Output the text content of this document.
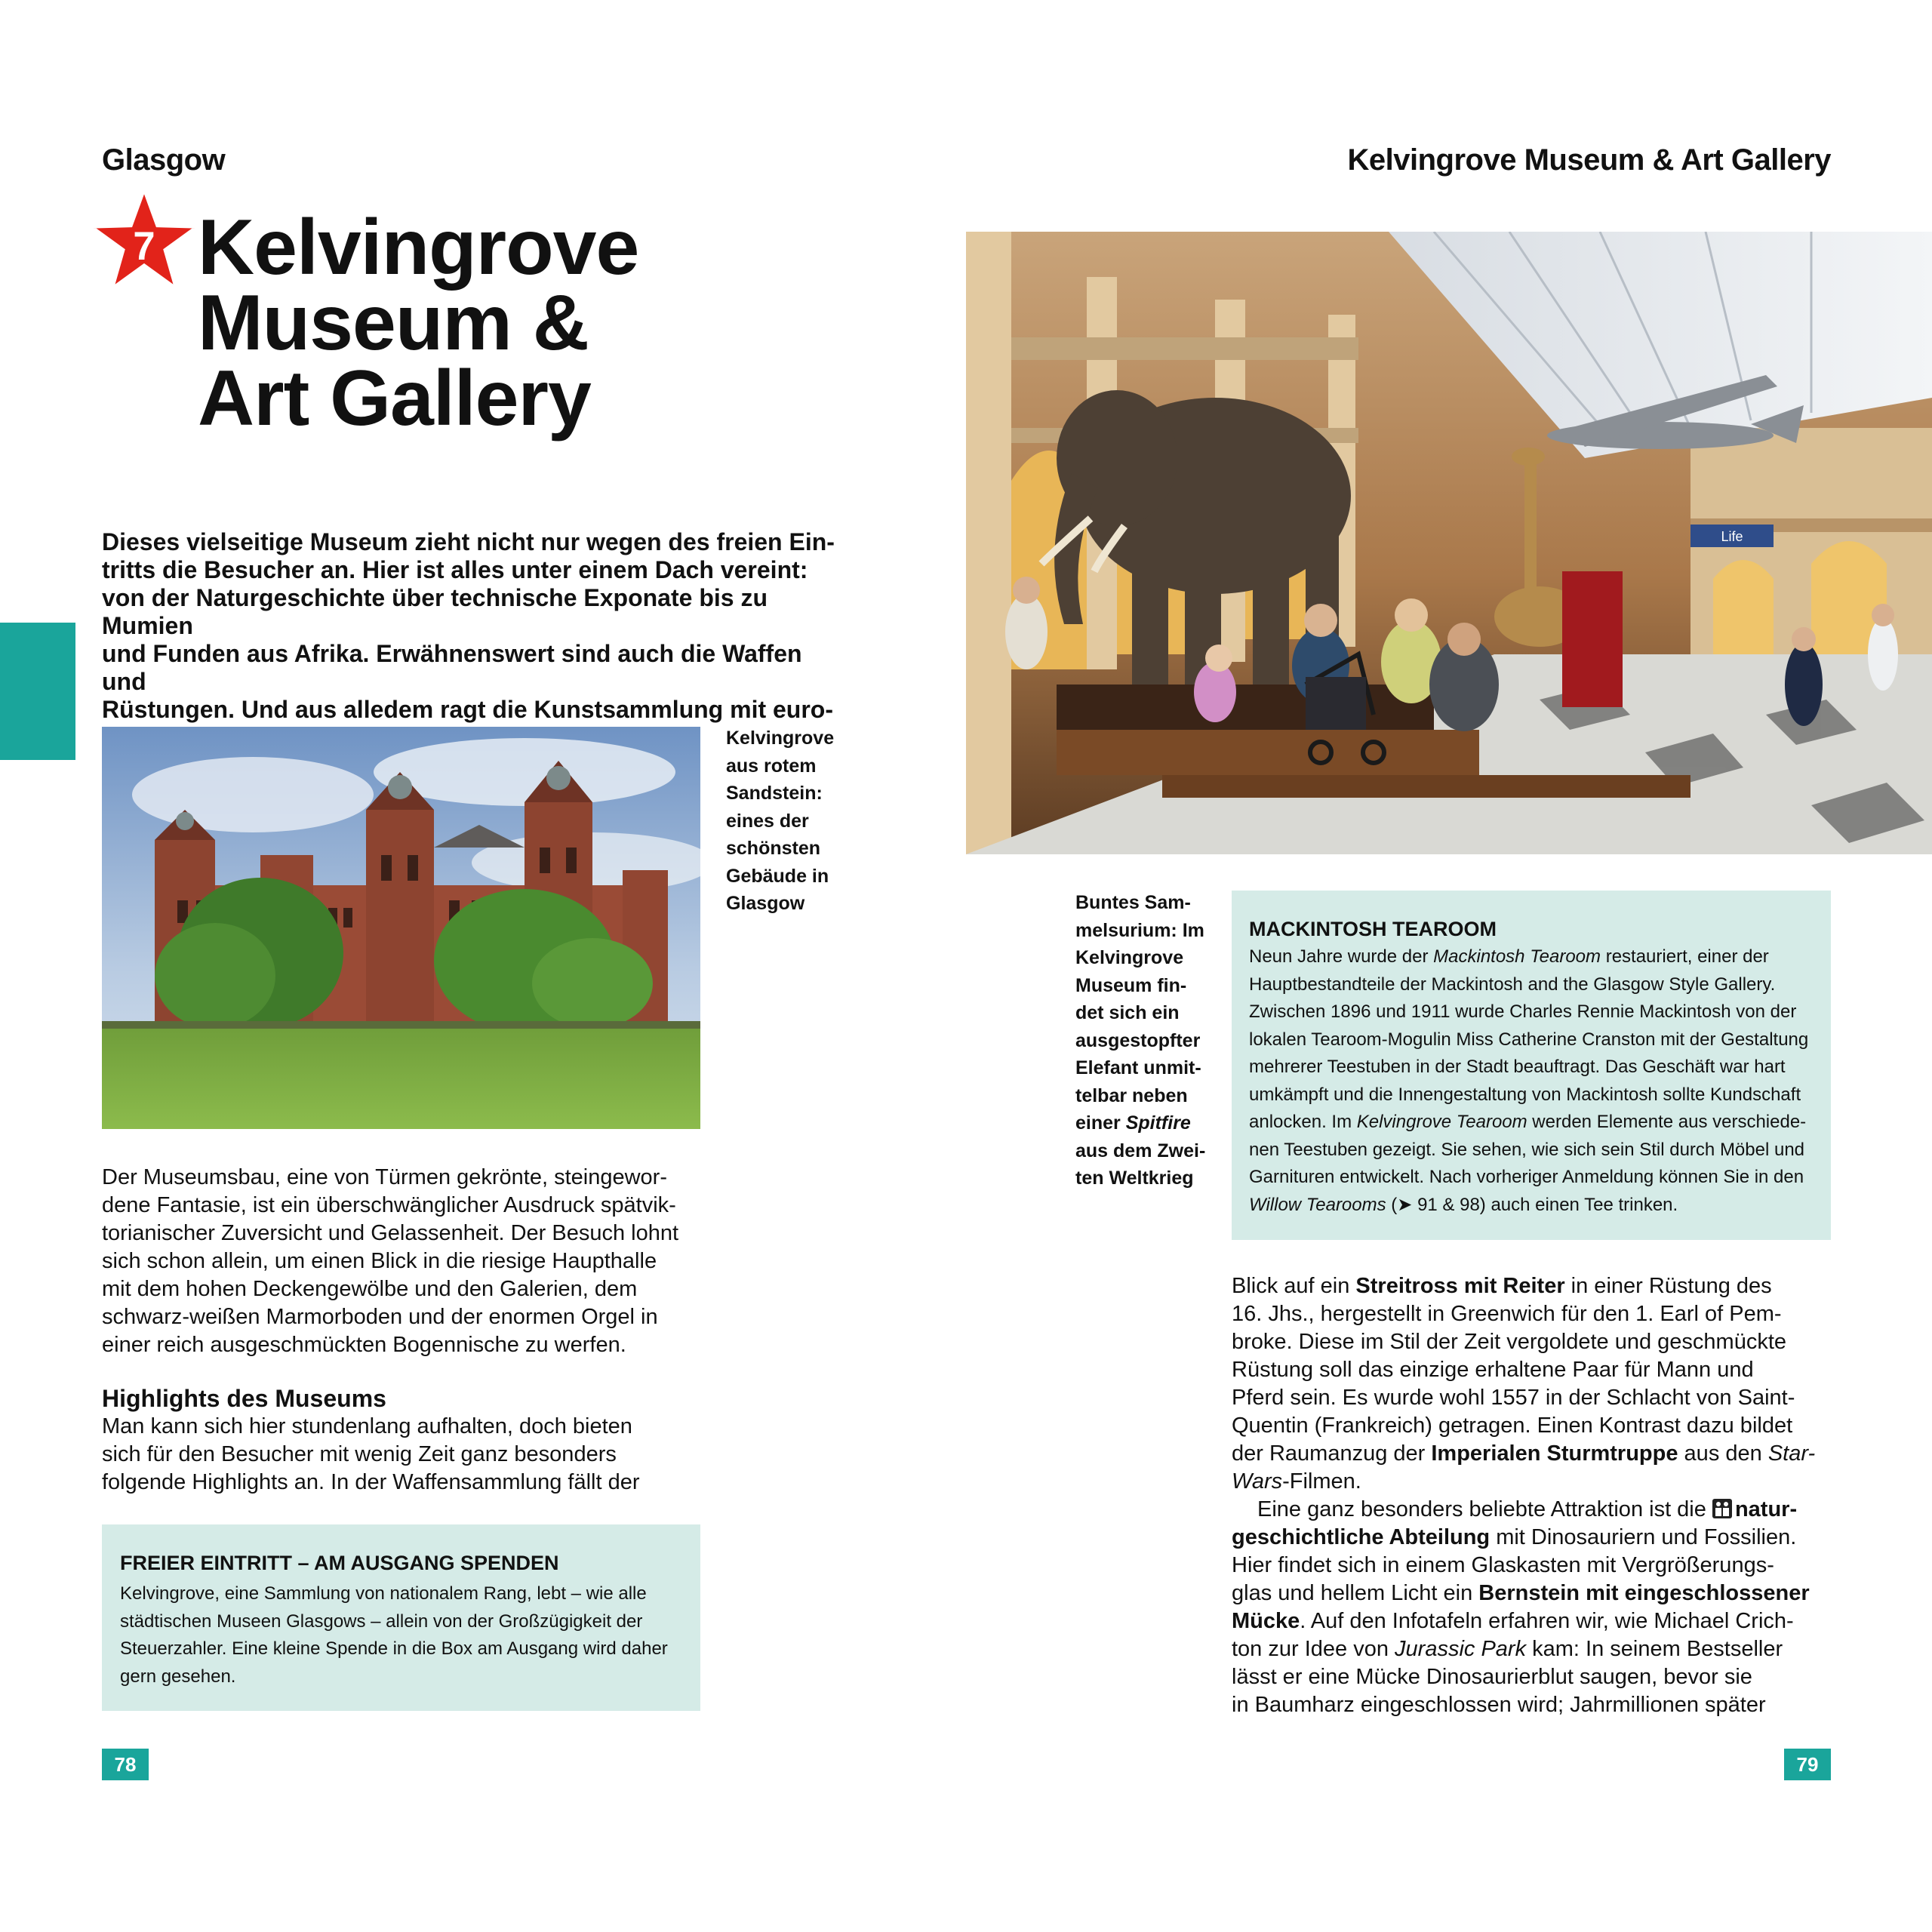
Glasgow
7 Kelvingrove
Museum &
Art Gallery

Dieses vielseitige Museum zieht nicht nur wegen des freien Ein-

tritts die Besucher an. Hier ist alles unter einem Dach vereint:

von der Naturgeschichte über technische Exponate bis zu Mumien

und Funden aus Afrika. Erwähnenswert sind auch die Waffen und

Rüstungen. Und aus alledem ragt die Kunstsammlung mit euro-

Kelvingrove

aus rotem

Sandstein:

eines der

schönsten

Gebäude in

Glasgow

Der Museumsbau, eine von Türmen gekrönte, steingewor-

dene Fantasie, ist ein überschwänglicher Ausdruck spätvik-

torianischer Zuversicht und Gelassenheit. Der Besuch lohnt

sich schon allein, um einen Blick in die riesige Haupthalle

mit dem hohen Deckengewölbe und den Galerien, dem

schwarz-weißen Marmorboden und der enormen Orgel in

einer reich ausgeschmückten Bogennische zu werfen.

Highlights des Museums

Man kann sich hier stundenlang aufhalten, doch bieten

sich für den Besucher mit wenig Zeit ganz besonders

folgende Highlights an. In der Waffensammlung fällt der

FREIER EINTRITT – AM AUSGANG SPENDEN

Kelvingrove, eine Sammlung von nationalem Rang, lebt – wie alle

städtischen Museen Glasgows – allein von der Großzügigkeit der

Steuerzahler. Eine kleine Spende in die Box am Ausgang wird daher

gern gesehen.

78
Kelvingrove Museum & Art Gallery
Life

Buntes Sam-

melsurium: Im

Kelvingrove

Museum fin-

det sich ein

ausgestopfter

Elefant unmit-

telbar neben

einer Spitfire

aus dem Zwei-

ten Weltkrieg

MACKINTOSH TEAROOM

Neun Jahre wurde der Mackintosh Tearoom restauriert, einer der

Hauptbestandteile der Mackintosh and the Glasgow Style Gallery.

Zwischen 1896 und 1911 wurde Charles Rennie Mackintosh von der

lokalen Tearoom-Mogulin Miss Catherine Cranston mit der Gestaltung

mehrerer Teestuben in der Stadt beauftragt. Das Geschäft war hart

umkämpft und die Innengestaltung von Mackintosh sollte Kundschaft

anlocken. Im Kelvingrove Tearoom werden Elemente aus verschiede-

nen Teestuben gezeigt. Sie sehen, wie sich sein Stil durch Möbel und

Garnituren entwickelt. Nach vorheriger Anmeldung können Sie in den

Willow Tearooms (➤ 91 & 98) auch einen Tee trinken.

Blick auf ein Streitross mit Reiter in einer Rüstung des

16. Jhs., hergestellt in Greenwich für den 1. Earl of Pem-

broke. Diese im Stil der Zeit vergoldete und geschmückte

Rüstung soll das einzige erhaltene Paar für Mann und

Pferd sein. Es wurde wohl 1557 in der Schlacht von Saint-

Quentin (Frankreich) getragen. Einen Kontrast dazu bildet

der Raumanzug der Imperialen Sturmtruppe aus den Star-

Wars-Filmen.

Eine ganz besonders beliebte Attraktion ist die
natur-

geschichtliche Abteilung mit Dinosauriern und Fossilien.

Hier findet sich in einem Glaskasten mit Vergrößerungs-

glas und hellem Licht ein Bernstein mit eingeschlossener

Mücke. Auf den Infotafeln erfahren wir, wie Michael Crich-

ton zur Idee von Jurassic Park kam: In seinem Bestseller

lässt er eine Mücke Dinosaurierblut saugen, bevor sie

in Baumharz eingeschlossen wird; Jahrmillionen später

79
